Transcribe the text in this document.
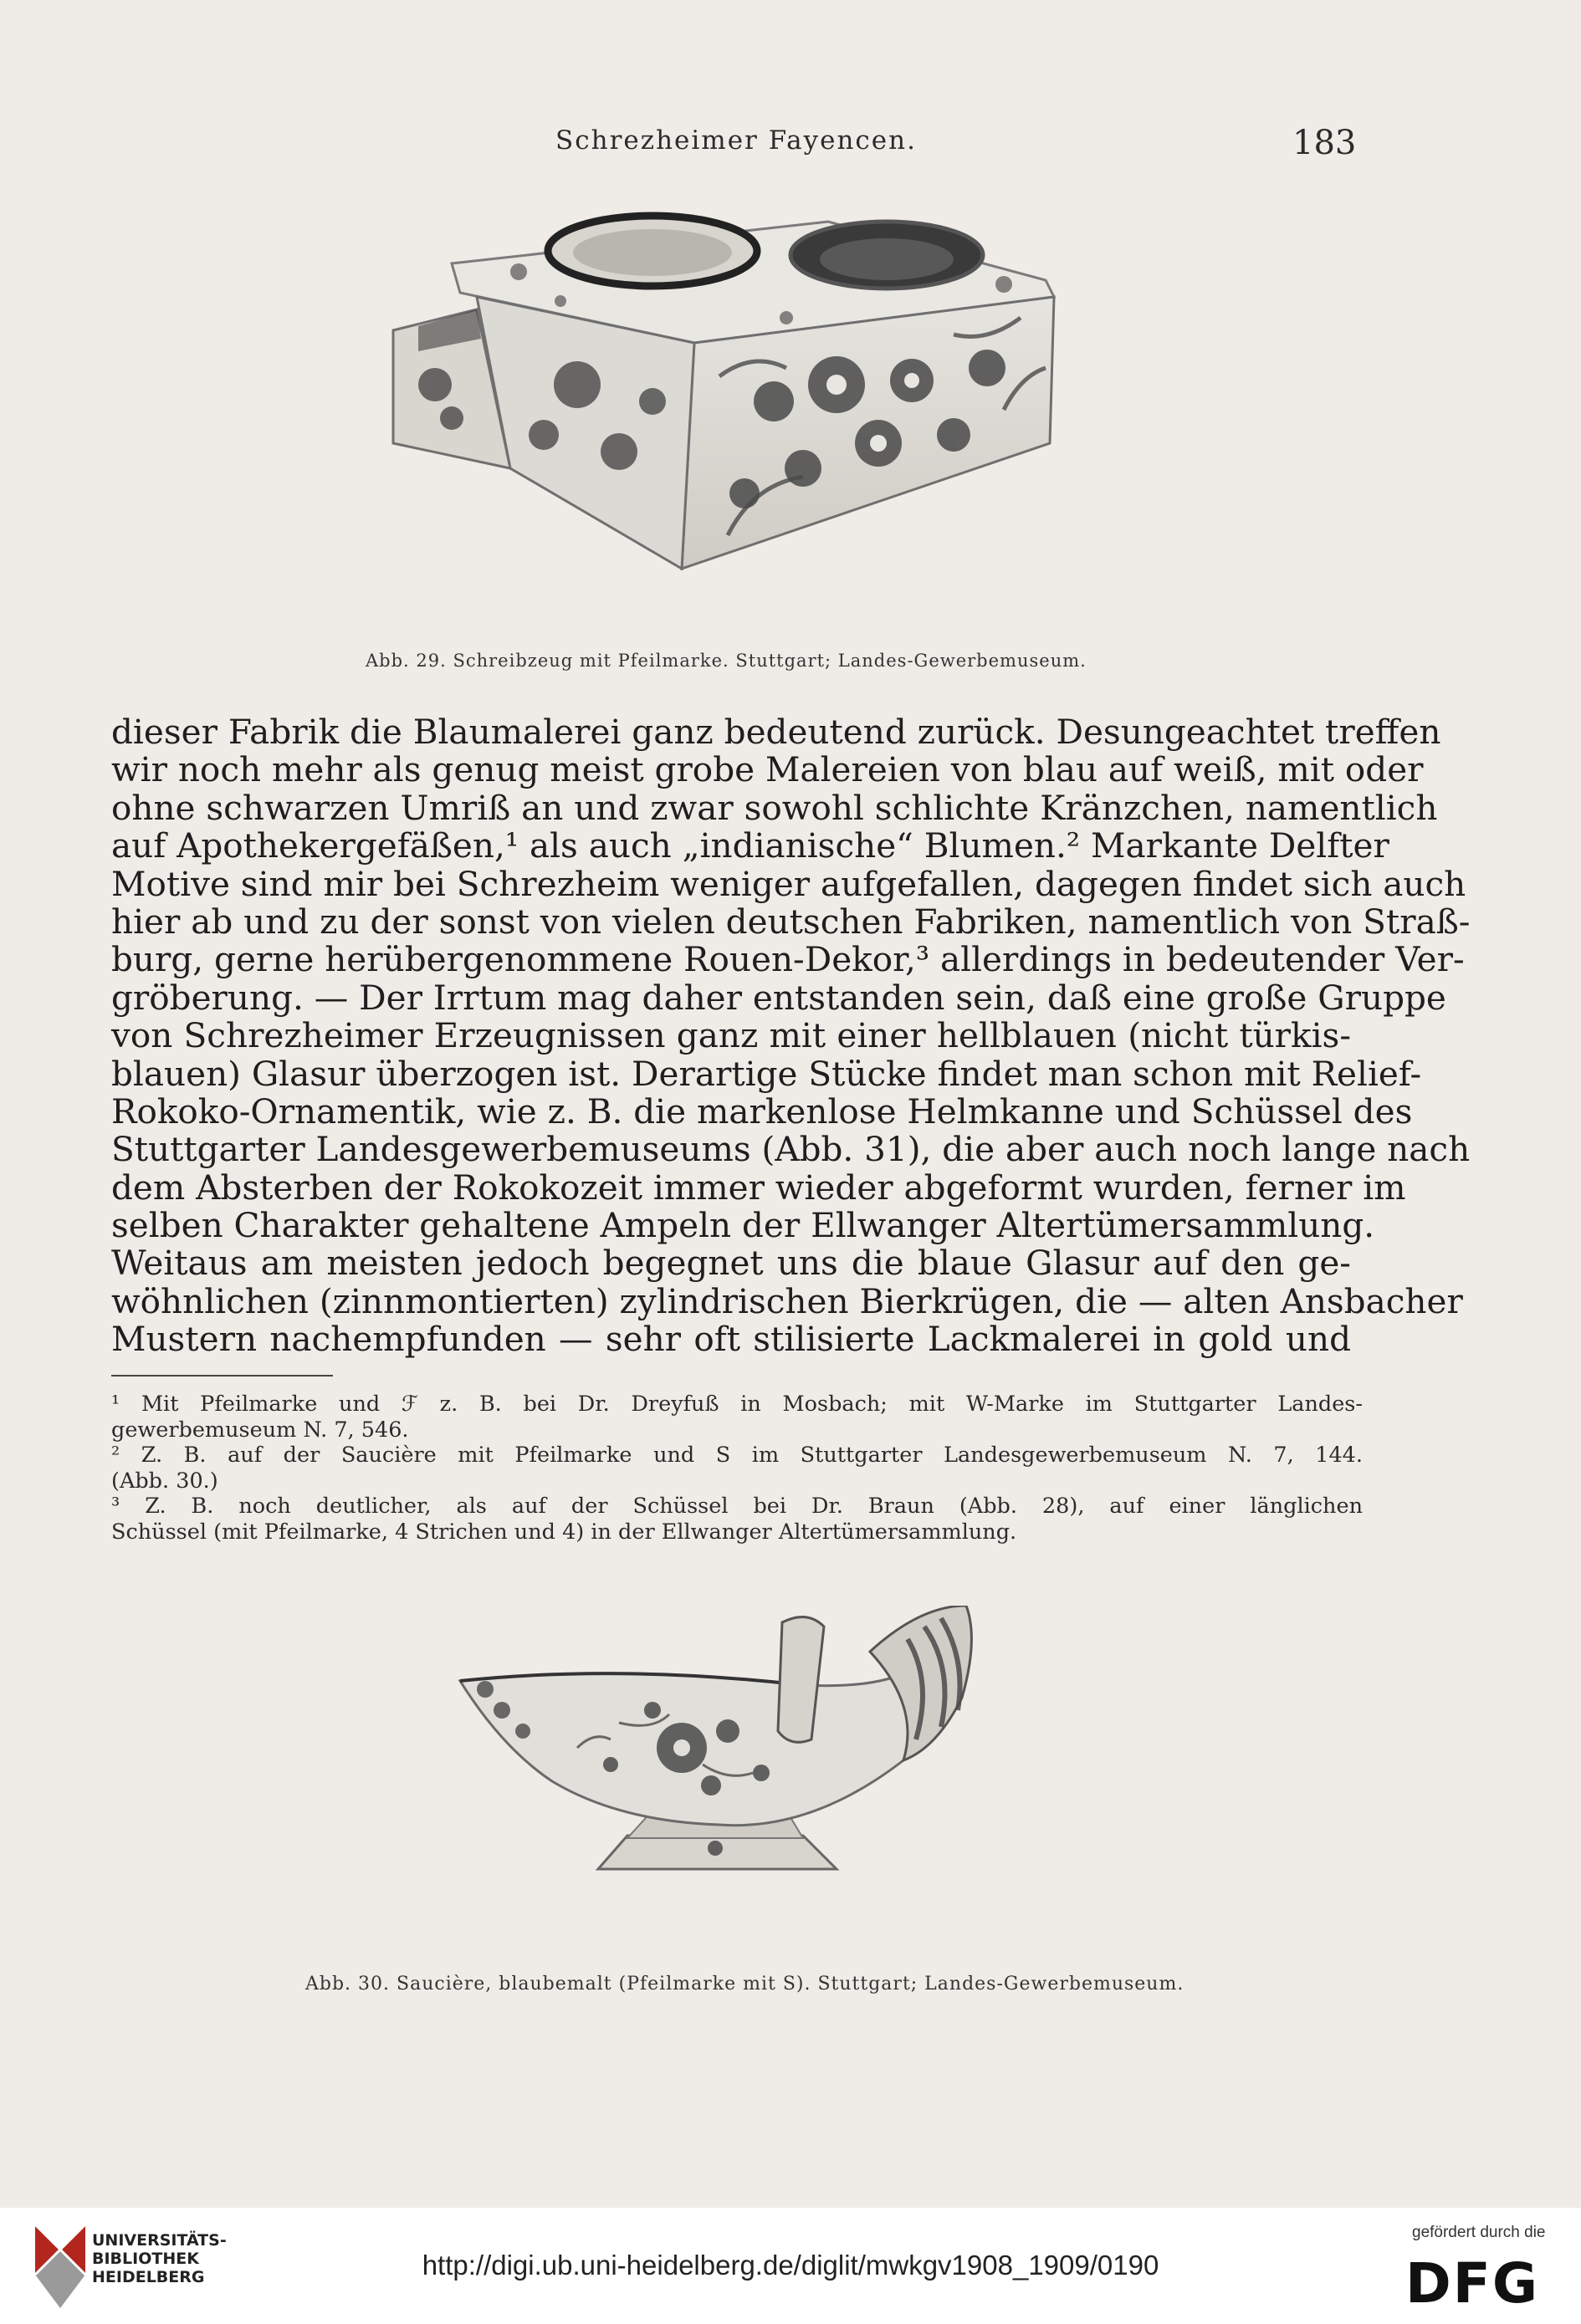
Schrezheimer Fayencen.	183
Abb. 29. Schreibzeug mit Pfeilmarke. Stuttgart; Landes-Gewerbemuseum.
dieser Fabrik die Blaumalerei ganz bedeutend zurück. Desungeachtet treffen
wir noch mehr als genug meist grobe Malereien von blau auf weiß, mit oder
ohne schwarzen Umriß an und zwar sowohl schlichte Kränzchen, namentlich
auf Apothekergefäßen,¹ als auch „indianische“ Blumen.² Markante Delfter
Motive sind mir bei Schrezheim weniger aufgefallen, dagegen findet sich auch
hier ab und zu der sonst von vielen deutschen Fabriken, namentlich von Straß-
burg, gerne herübergenommene Rouen-Dekor,³ allerdings in bedeutender Ver-
gröberung. — Der Irrtum mag daher entstanden sein, daß eine große Gruppe
von Schrezheimer Erzeugnissen ganz mit einer hellblauen (nicht türkis-
blauen) Glasur überzogen ist. Derartige Stücke findet man schon mit Relief-
Rokoko-Ornamentik, wie z. B. die markenlose Helmkanne und Schüssel des
Stuttgarter Landesgewerbemuseums (Abb. 31), die aber auch noch lange nach
dem Absterben der Rokokozeit immer wieder abgeformt wurden, ferner im
selben Charakter gehaltene Ampeln der Ellwanger Altertümersammlung.
Weitaus am meisten jedoch begegnet uns die blaue Glasur auf den ge-
wöhnlichen (zinnmontierten) zylindrischen Bierkrügen, die — alten Ansbacher
Mustern nachempfunden — sehr oft stilisierte Lackmalerei in gold und
¹ Mit Pfeilmarke und ℱ z. B. bei Dr. Dreyfuß in Mosbach; mit W-Marke im Stuttgarter Landes-
gewerbemuseum N. 7, 546.
² Z. B. auf der Saucière mit Pfeilmarke und S im Stuttgarter Landesgewerbemuseum N. 7, 144.
(Abb. 30.)
³ Z. B. noch deutlicher, als auf der Schüssel bei Dr. Braun (Abb. 28), auf einer länglichen
Schüssel (mit Pfeilmarke, 4 Strichen und 4) in der Ellwanger Altertümersammlung.
Abb. 30. Saucière, blaubemalt (Pfeilmarke mit S). Stuttgart; Landes-Gewerbemuseum.
UNIVERSITÄTS-
BIBLIOTHEK
HEIDELBERG	http://digi.ub.uni-heidelberg.de/diglit/mwkgv1908_1909/0190
gefördert durch die
DFG
